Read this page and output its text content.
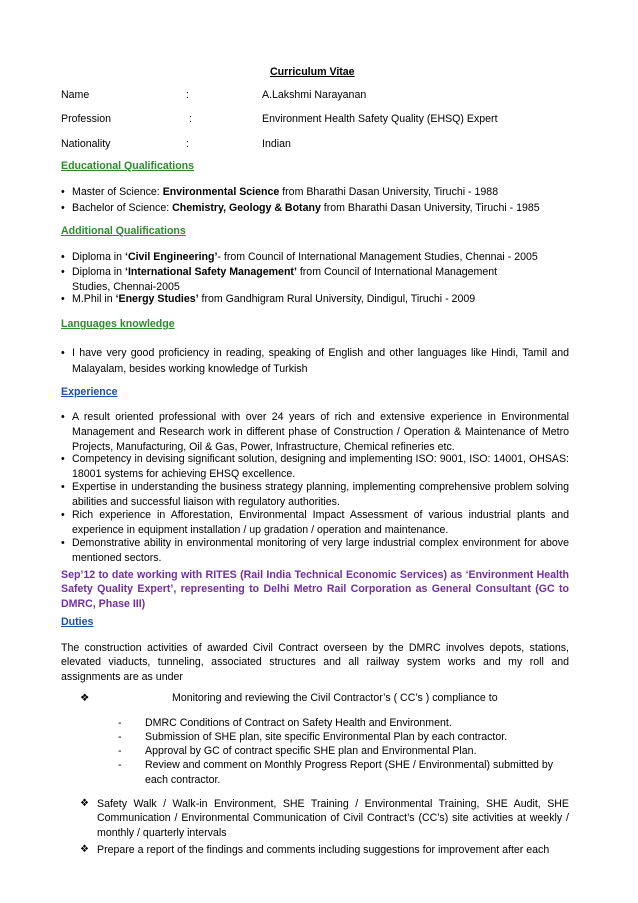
Curriculum Vitae
Name	:	A.Lakshmi Narayanan
Profession	:	Environment Health Safety Quality (EHSQ) Expert
Nationality	:	Indian
Educational Qualifications
• Master of Science: Environmental Science from Bharathi Dasan University, Tiruchi - 1988
• Bachelor of Science: Chemistry, Geology & Botany from Bharathi Dasan University, Tiruchi - 1985
Additional Qualifications
• Diploma in ‘Civil Engineering’- from Council of International Management Studies, Chennai - 2005
• Diploma in ‘International Safety Management’ from Council of International Management Studies, Chennai-2005
• M.Phil in ‘Energy Studies’ from Gandhigram Rural University, Dindigul, Tiruchi - 2009
Languages knowledge
• I have very good proficiency in reading, speaking of English and other languages like Hindi, Tamil and Malayalam, besides working knowledge of Turkish
Experience
• A result oriented professional with over 24 years of rich and extensive experience in Environmental Management and Research work in different phase of Construction / Operation & Maintenance of Metro Projects, Manufacturing, Oil & Gas, Power, Infrastructure, Chemical refineries etc.
• Competency in devising significant solution, designing and implementing ISO: 9001, ISO: 14001, OHSAS: 18001 systems for achieving EHSQ excellence.
• Expertise in understanding the business strategy planning, implementing comprehensive problem solving abilities and successful liaison with regulatory authorities.
• Rich experience in Afforestation, Environmental Impact Assessment of various industrial plants and experience in equipment installation / up gradation / operation and maintenance.
• Demonstrative ability in environmental monitoring of very large industrial complex environment for above mentioned sectors.
Sep’12 to date working with RITES (Rail India Technical Economic Services) as ‘Environment Health Safety Quality Expert’, representing to Delhi Metro Rail Corporation as General Consultant (GC to DMRC, Phase III)
Duties
The construction activities of awarded Civil Contract overseen by the DMRC involves depots, stations, elevated viaducts, tunneling, associated structures and all railway system works and my roll and assignments are as under
❖	Monitoring and reviewing the Civil Contractor’s ( CC’s ) compliance to
- DMRC Conditions of Contract on Safety Health and Environment.
- Submission of SHE plan, site specific Environmental Plan by each contractor.
- Approval by GC of contract specific SHE plan and Environmental Plan.
- Review and comment on Monthly Progress Report (SHE / Environmental) submitted by each contractor.
❖ Safety Walk / Walk-in Environment, SHE Training / Environmental Training, SHE Audit, SHE Communication / Environmental Communication of Civil Contract’s (CC’s) site activities at weekly / monthly / quarterly intervals
❖ Prepare a report of the findings and comments including suggestions for improvement after each
